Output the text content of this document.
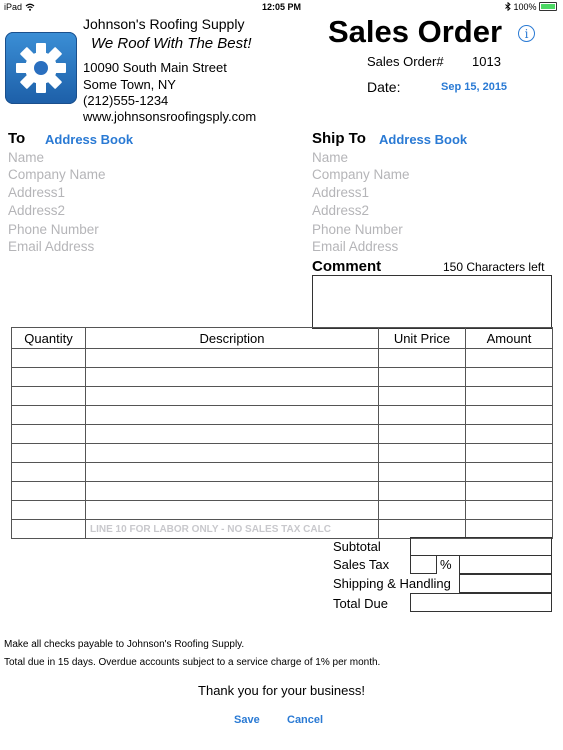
iPad	12:05 PM	100%
Johnson's Roofing Supply
We Roof With The Best!
10090 South Main Street
Some Town, NY
(212)555-1234
www.johnsonsroofingsply.com
Sales Order	i
Sales Order# 1013
Date:	Sep 15, 2015
To Address Book
Name
Company Name
Address1
Address2
Phone Number
Email Address
Ship To Address Book
Name
Company Name
Address1
Address2
Phone Number
Email Address
Comment	150 Characters left
Quantity	Description	Unit Price	Amount

	LINE 10 FOR LABOR ONLY - NO SALES TAX CALC		
Subtotal
Sales Tax	%
Shipping & Handling
Total Due
Make all checks payable to Johnson's Roofing Supply.
Total due in 15 days. Overdue accounts subject to a service charge of 1% per month.
Thank you for your business!
Save Cancel
